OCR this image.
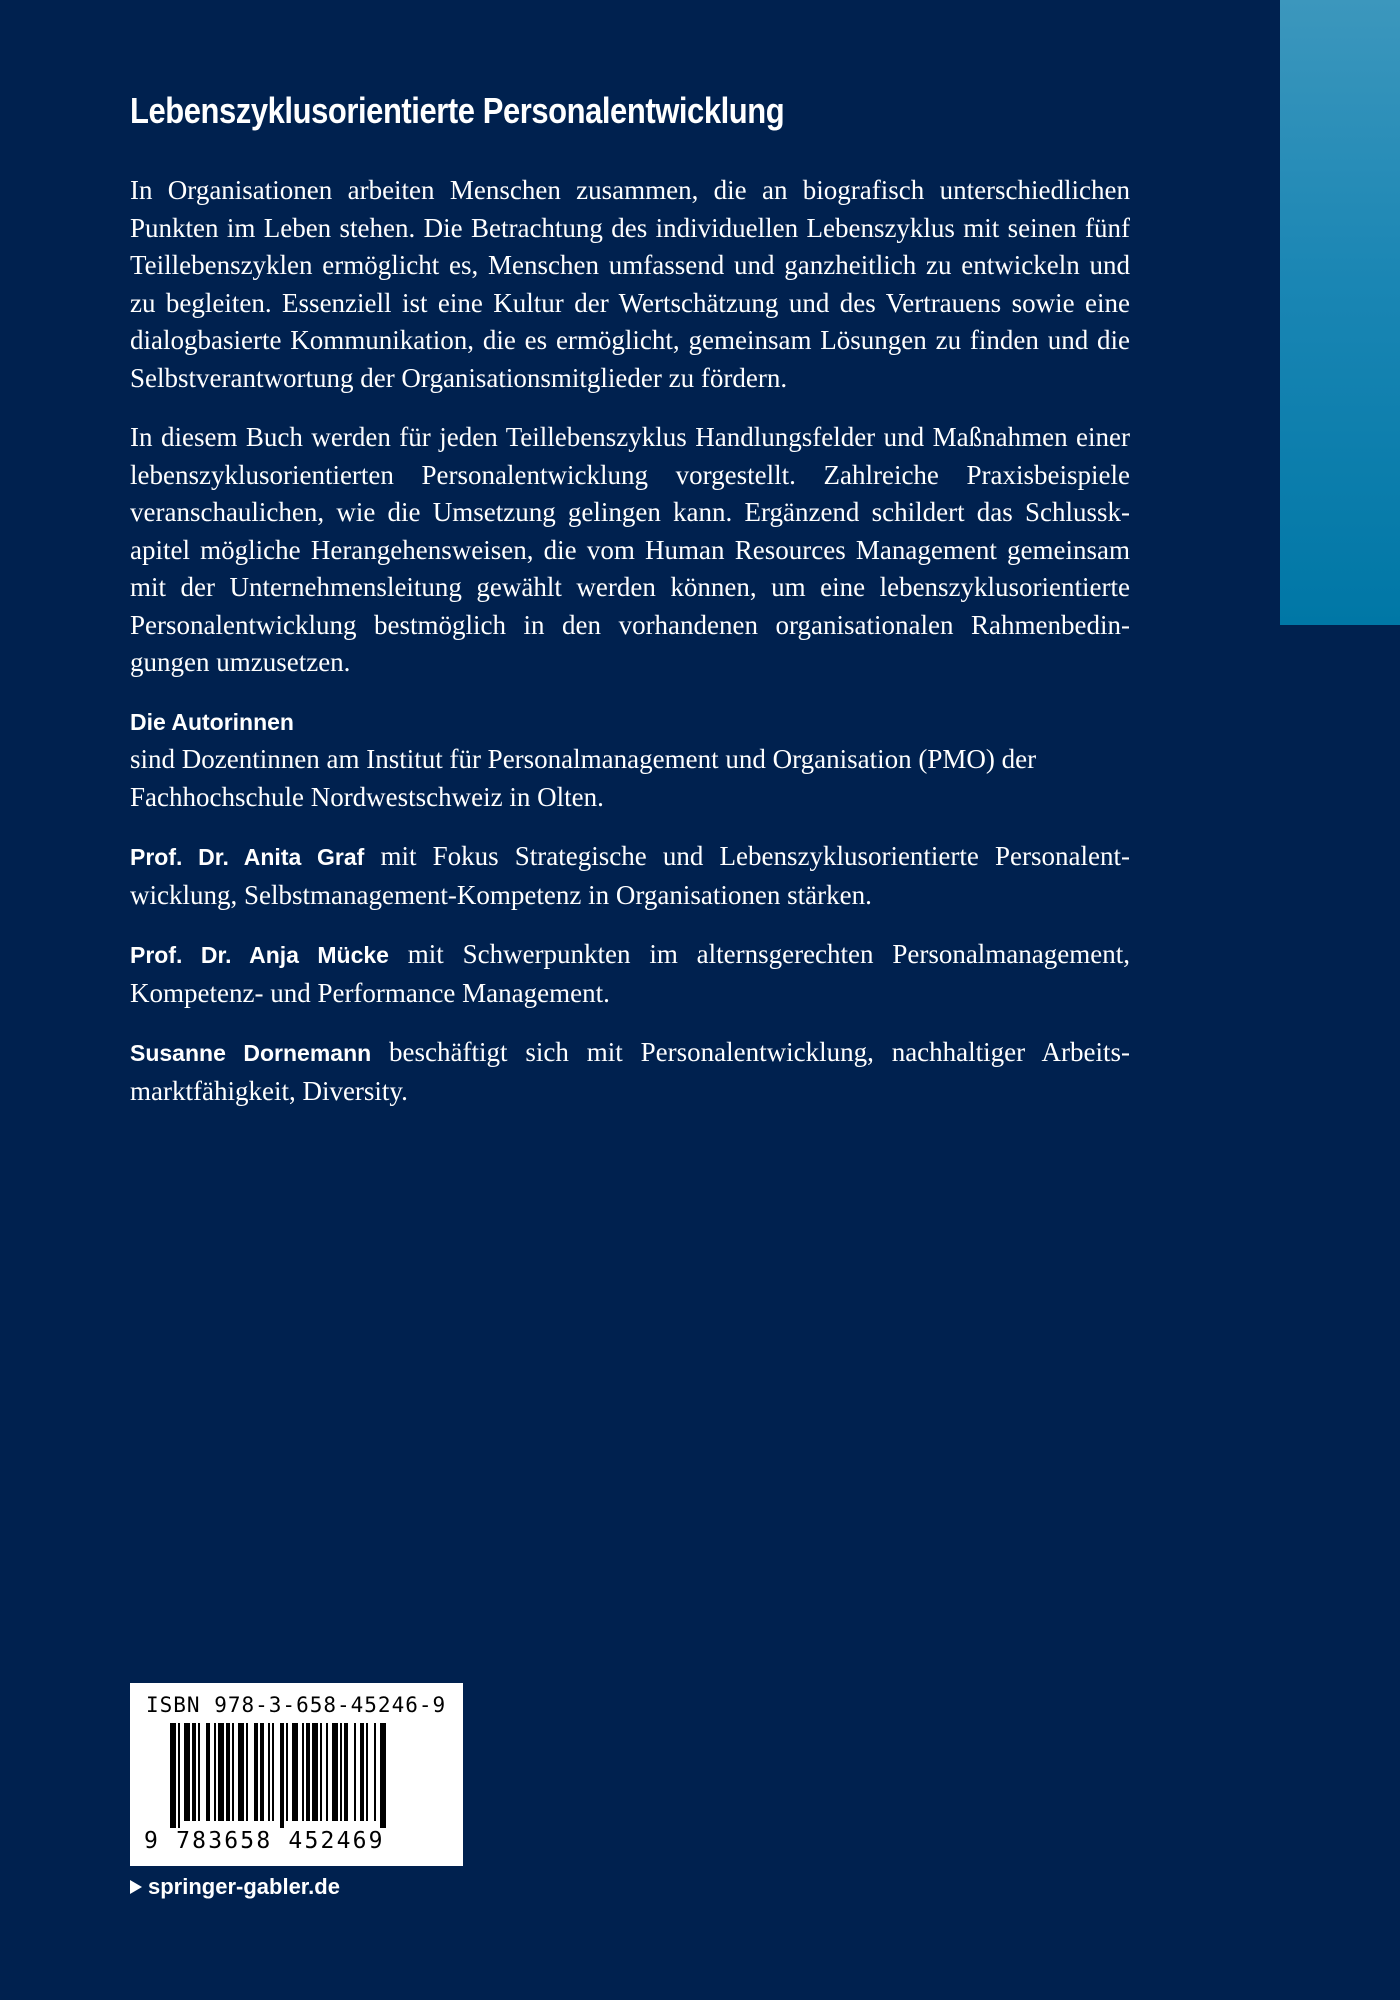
Lebenszyklusorientierte Personalentwicklung

In Organisationen arbeiten Menschen zusammen, die an biografisch unterschiedlichen Punkten im Leben stehen. Die Betrachtung des individuellen Lebenszyklus mit seinen fünf Teillebenszyklen ermöglicht es, Menschen umfassend und ganzheitlich zu entwickeln und zu begleiten. Essenziell ist eine Kultur der Wertschätzung und des Vertrauens sowie eine dialogbasierte Kommunikation, die es ermöglicht, gemeinsam Lösungen zu finden und die Selbstverantwortung der Organisationsmitglieder zu fördern.

In diesem Buch werden für jeden Teillebenszyklus Handlungsfelder und Maßnahmen einer lebenszyklusorientierten Personalentwicklung vorgestellt. Zahlreiche Praxisbeispiele veranschaulichen, wie die Umsetzung gelingen kann. Ergänzend schildert das Schlusskapitel mögliche Herangehensweisen, die vom Human Resources Management gemeinsam mit der Unternehmensleitung gewählt werden können, um eine lebenszyklusorientierte Personalentwicklung bestmöglich in den vorhandenen organisationalen Rahmenbedingungen umzusetzen.

Die Autorinnen
sind Dozentinnen am Institut für Personalmanagement und Organisation (PMO) der Fachhochschule Nordwestschweiz in Olten.

Prof. Dr. Anita Graf mit Fokus Strategische und Lebenszyklusorientierte Personalentwicklung, Selbstmanagement-Kompetenz in Organisationen stärken.

Prof. Dr. Anja Mücke mit Schwerpunkten im alternsgerechten Personalmanagement, Kompetenz- und Performance Management.

Susanne Dornemann beschäftigt sich mit Personalentwicklung, nachhaltiger Arbeitsmarktfähigkeit, Diversity.

ISBN 978-3-658-45246-9
9 783658 452469
springer-gabler.de
